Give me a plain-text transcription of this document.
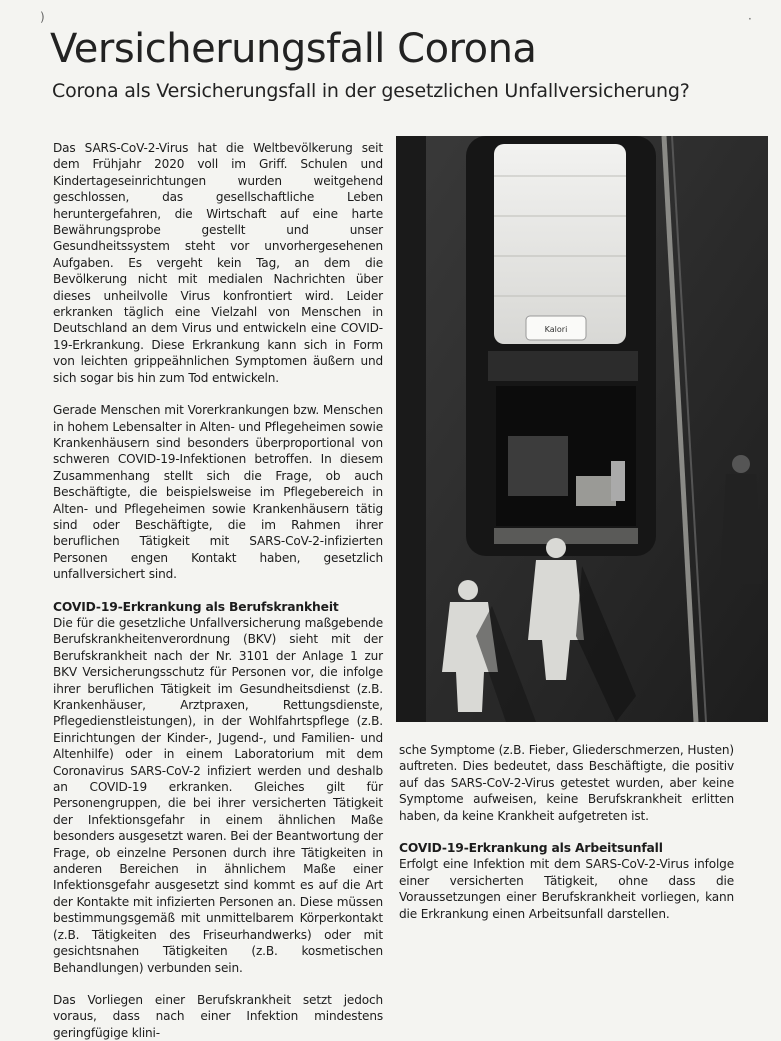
)	·
Versicherungsfall Corona
Corona als Versicherungsfall in der gesetzlichen Unfallversicherung?

Das SARS-CoV-2-Virus hat die Weltbevölkerung seit dem Frühjahr 2020 voll im Griff. Schulen und Kindertageseinrichtungen wurden weitgehend geschlossen, das gesellschaftliche Leben heruntergefahren, die Wirtschaft auf eine harte Bewährungsprobe gestellt und unser Gesundheitssystem steht vor unvorhergesehenen Aufgaben. Es vergeht kein Tag, an dem die Bevölkerung nicht mit medialen Nachrichten über dieses unheilvolle Virus konfrontiert wird. Leider erkranken täglich eine Vielzahl von Menschen in Deutschland an dem Virus und entwickeln eine COVID-19-Erkrankung. Diese Erkrankung kann sich in Form von leichten grippeähnlichen Symptomen äußern und sich sogar bis hin zum Tod entwickeln.

Gerade Menschen mit Vorerkrankungen bzw. Menschen in hohem Lebensalter in Alten- und Pflegeheimen sowie Krankenhäusern sind besonders überproportional von schweren COVID-19-Infektionen betroffen. In diesem Zusammenhang stellt sich die Frage, ob auch Beschäftigte, die beispielsweise im Pflegebereich in Alten- und Pflegeheimen sowie Krankenhäusern tätig sind oder Beschäftigte, die im Rahmen ihrer beruflichen Tätigkeit mit SARS-CoV-2-infizierten Personen engen Kontakt haben, gesetzlich unfallversichert sind.

COVID-19-Erkrankung als Berufskrankheit

Die für die gesetzliche Unfallversicherung maßgebende Berufskrankheitenverordnung (BKV) sieht mit der Berufskrankheit nach der Nr. 3101 der Anlage 1 zur BKV Versicherungsschutz für Personen vor, die infolge ihrer beruflichen Tätigkeit im Gesundheitsdienst (z.B. Krankenhäuser, Arztpraxen, Rettungsdienste, Pflegedienstleistungen), in der Wohlfahrtspflege (z.B. Einrichtungen der Kinder-, Jugend-, und Familien- und Altenhilfe) oder in einem Laboratorium mit dem Coronavirus SARS-CoV-2 infiziert werden und deshalb an COVID-19 erkranken. Gleiches gilt für Personengruppen, die bei ihrer versicherten Tätigkeit der Infektionsgefahr in einem ähnlichen Maße besonders ausgesetzt waren. Bei der Beantwortung der Frage, ob einzelne Personen durch ihre Tätigkeiten in anderen Bereichen in ähnlichem Maße einer Infektionsgefahr ausgesetzt sind kommt es auf die Art der Kontakte mit infizierten Personen an. Diese müssen bestimmungsgemäß mit unmittelbarem Körperkontakt (z.B. Tätigkeiten des Friseurhandwerks) oder mit gesichtsnahen Tätigkeiten (z.B. kosmetischen Behandlungen) verbunden sein.

Das Vorliegen einer Berufskrankheit setzt jedoch voraus, dass nach einer Infektion mindestens geringfügige klini-

Kalori

sche Symptome (z.B. Fieber, Gliederschmerzen, Husten) auftreten. Dies bedeutet, dass Beschäftigte, die positiv auf das SARS-CoV-2-Virus getestet wurden, aber keine Symptome aufweisen, keine Berufskrankheit erlitten haben, da keine Krankheit aufgetreten ist.

COVID-19-Erkrankung als Arbeitsunfall

Erfolgt eine Infektion mit dem SARS-CoV-2-Virus infolge einer versicherten Tätigkeit, ohne dass die Voraussetzungen einer Berufskrankheit vorliegen, kann die Erkrankung einen Arbeitsunfall darstellen.
